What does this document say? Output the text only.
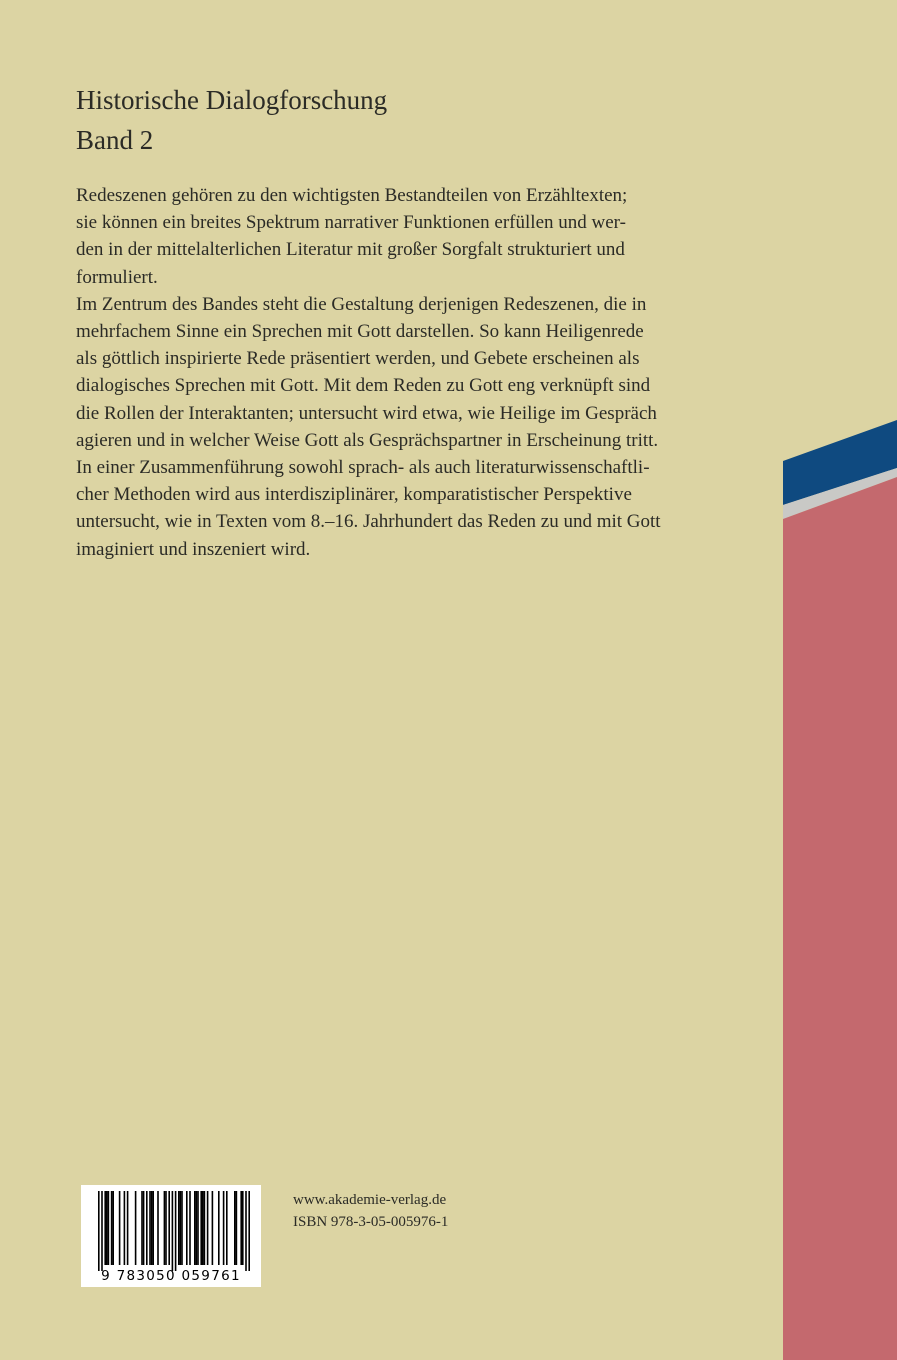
Historische Dialogforschung
Band 2
Redeszenen gehören zu den wichtigsten Bestandteilen von Erzähltexten;
sie können ein breites Spektrum narrativer Funktionen erfüllen und wer-
den in der mittelalterlichen Literatur mit großer Sorgfalt strukturiert und
formuliert.
Im Zentrum des Bandes steht die Gestaltung derjenigen Redeszenen, die in
mehrfachem Sinne ein Sprechen mit Gott darstellen. So kann Heiligenrede
als göttlich inspirierte Rede präsentiert werden, und Gebete erscheinen als
dialogisches Sprechen mit Gott. Mit dem Reden zu Gott eng verknüpft sind
die Rollen der Interaktanten; untersucht wird etwa, wie Heilige im Gespräch
agieren und in welcher Weise Gott als Gesprächspartner in Erscheinung tritt.
In einer Zusammenführung sowohl sprach- als auch literaturwissenschaftli-
cher Methoden wird aus interdisziplinärer, komparatistischer Perspektive
untersucht, wie in Texten vom 8.–16. Jahrhundert das Reden zu und mit Gott
imaginiert und inszeniert wird.
9 783050 059761
www.akademie-verlag.de
ISBN 978-3-05-005976-1
